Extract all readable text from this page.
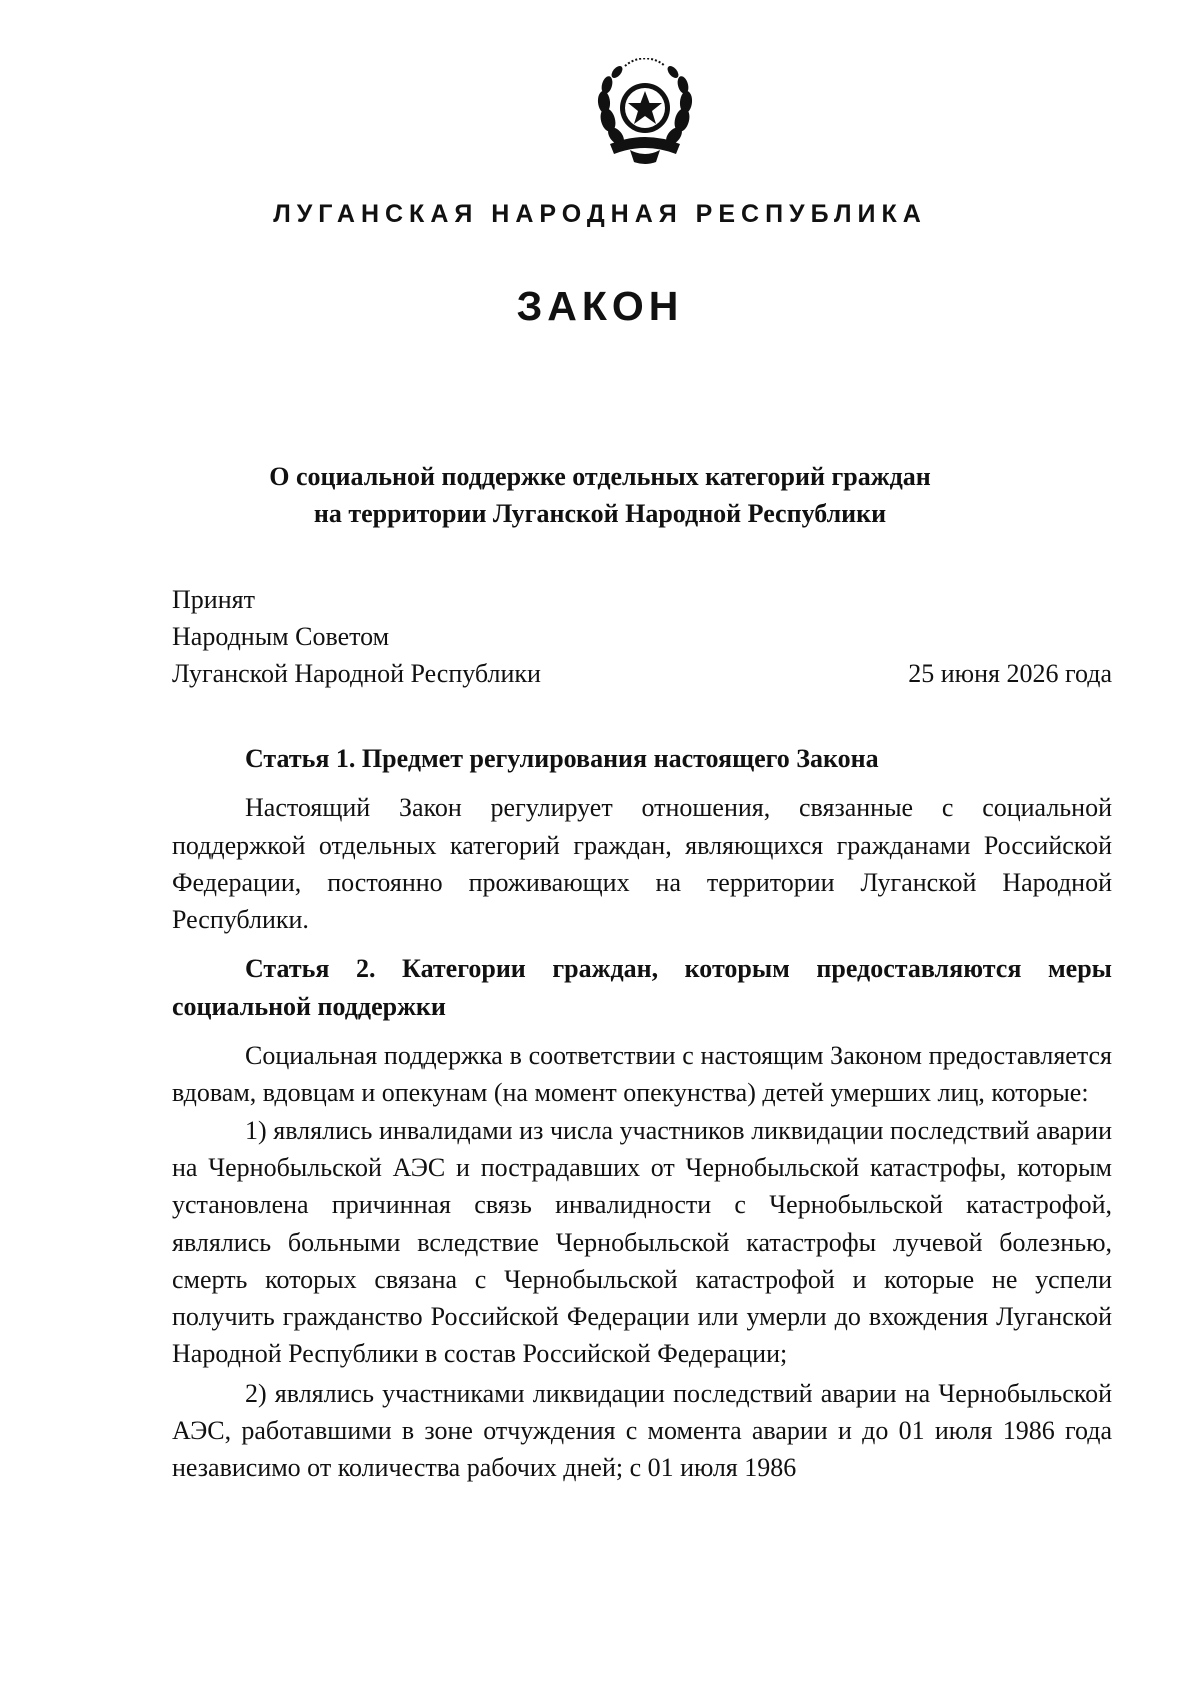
ЛУГАНСКАЯ НАРОДНАЯ РЕСПУБЛИКА
ЗАКОН
О социальной поддержке отдельных категорий граждан
на территории Луганской Народной Республики
Принят
Народным Советом
Луганской Народной Республики	25 июня 2026 года
Статья 1. Предмет регулирования настоящего Закона

Настоящий Закон регулирует отношения, связанные с социальной поддержкой отдельных категорий граждан, являющихся гражданами Российской Федерации, постоянно проживающих на территории Луганской Народной Республики.

Статья 2. Категории граждан, которым предоставляются меры социальной поддержки

Социальная поддержка в соответствии с настоящим Законом предоставляется вдовам, вдовцам и опекунам (на момент опекунства) детей умерших лиц, которые:

1) являлись инвалидами из числа участников ликвидации последствий аварии на Чернобыльской АЭС и пострадавших от Чернобыльской катастрофы, которым установлена причинная связь инвалидности с Чернобыльской катастрофой, являлись больными вследствие Чернобыльской катастрофы лучевой болезнью, смерть которых связана с Чернобыльской катастрофой и которые не успели получить гражданство Российской Федерации или умерли до вхождения Луганской Народной Республики в состав Российской Федерации;

2) являлись участниками ликвидации последствий аварии на Чернобыльской АЭС, работавшими в зоне отчуждения с момента аварии и до 01 июля 1986 года независимо от количества рабочих дней; с 01 июля 1986
